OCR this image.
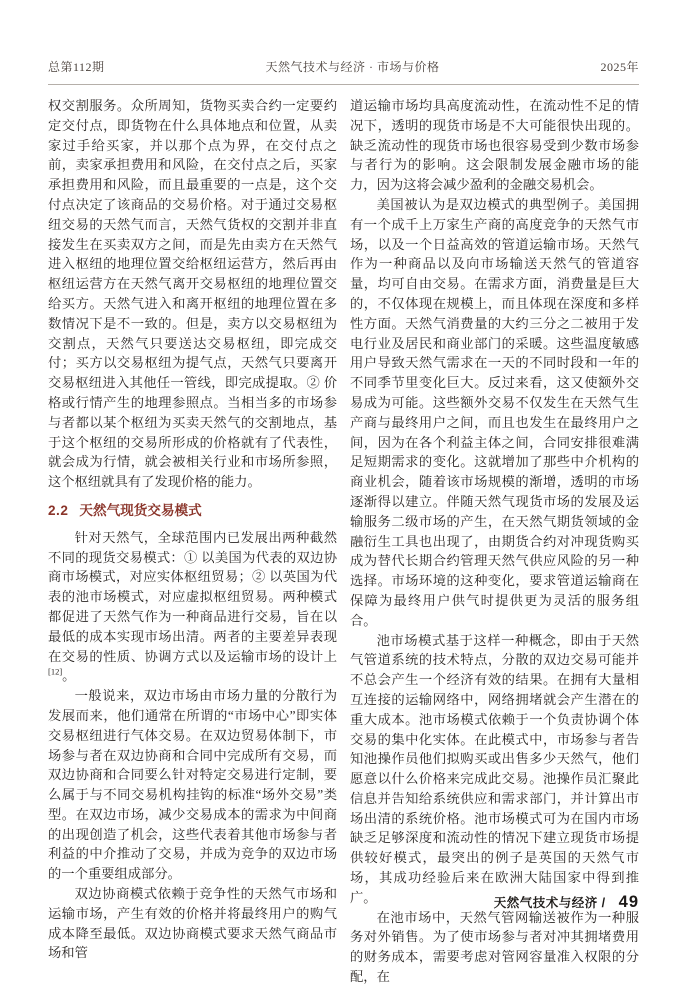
总第112期	天然气技术与经济 · 市场与价格	2025年

权交割服务。众所周知，货物买卖合约一定要约定交付点，即货物在什么具体地点和位置，从卖家过手给买家，并以那个点为界，在交付点之前，卖家承担费用和风险，在交付点之后，买家承担费用和风险，而且最重要的一点是，这个交付点决定了该商品的交易价格。对于通过交易枢纽交易的天然气而言，天然气货权的交割并非直接发生在买卖双方之间，而是先由卖方在天然气进入枢纽的地理位置交给枢纽运营方，然后再由枢纽运营方在天然气离开交易枢纽的地理位置交给买方。天然气进入和离开枢纽的地理位置在多数情况下是不一致的。但是，卖方以交易枢纽为交割点，天然气只要送达交易枢纽，即完成交付；买方以交易枢纽为提气点，天然气只要离开交易枢纽进入其他任一管线，即完成提取。② 价格或行情产生的地理参照点。当相当多的市场参与者都以某个枢纽为买卖天然气的交割地点，基于这个枢纽的交易所形成的价格就有了代表性，就会成为行情，就会被相关行业和市场所参照，这个枢纽就具有了发现价格的能力。

2.2 天然气现货交易模式

针对天然气，全球范围内已发展出两种截然不同的现货交易模式：① 以美国为代表的双边协商市场模式，对应实体枢纽贸易；② 以英国为代表的池市场模式，对应虚拟枢纽贸易。两种模式都促进了天然气作为一种商品进行交易，旨在以最低的成本实现市场出清。两者的主要差异表现在交易的性质、协调方式以及运输市场的设计上[12]。

一般说来，双边市场由市场力量的分散行为发展而来，他们通常在所谓的“市场中心”即实体交易枢纽进行气体交易。在双边贸易体制下，市场参与者在双边协商和合同中完成所有交易，而双边协商和合同要么针对特定交易进行定制，要么属于与不同交易机构挂钩的标准“场外交易”类型。在双边市场，减少交易成本的需求为中间商的出现创造了机会，这些代表着其他市场参与者利益的中介推动了交易，并成为竞争的双边市场的一个重要组成部分。

双边协商模式依赖于竞争性的天然气市场和运输市场，产生有效的价格并将最终用户的购气成本降至最低。双边协商模式要求天然气商品市场和管

道运输市场均具高度流动性，在流动性不足的情况下，透明的现货市场是不大可能很快出现的。缺乏流动性的现货市场也很容易受到少数市场参与者行为的影响。这会限制发展金融市场的能力，因为这将会减少盈利的金融交易机会。

美国被认为是双边模式的典型例子。美国拥有一个成千上万家生产商的高度竞争的天然气市场，以及一个日益高效的管道运输市场。天然气作为一种商品以及向市场输送天然气的管道容量，均可自由交易。在需求方面，消费量是巨大的，不仅体现在规模上，而且体现在深度和多样性方面。天然气消费量的大约三分之二被用于发电行业及居民和商业部门的采暖。这些温度敏感用户导致天然气需求在一天的不同时段和一年的不同季节里变化巨大。反过来看，这又使额外交易成为可能。这些额外交易不仅发生在天然气生产商与最终用户之间，而且也发生在最终用户之间，因为在各个利益主体之间，合同安排很难满足短期需求的变化。这就增加了那些中介机构的商业机会，随着该市场规模的渐增，透明的市场逐渐得以建立。伴随天然气现货市场的发展及运输服务二级市场的产生，在天然气期货领域的金融衍生工具也出现了，由期货合约对冲现货购买成为替代长期合约管理天然气供应风险的另一种选择。市场环境的这种变化，要求管道运输商在保障为最终用户供气时提供更为灵活的服务组合。

池市场模式基于这样一种概念，即由于天然气管道系统的技术特点，分散的双边交易可能并不总会产生一个经济有效的结果。在拥有大量相互连接的运输网络中，网络拥堵就会产生潜在的重大成本。池市场模式依赖于一个负责协调个体交易的集中化实体。在此模式中，市场参与者告知池操作员他们拟购买或出售多少天然气，他们愿意以什么价格来完成此交易。池操作员汇聚此信息并告知给系统供应和需求部门，并计算出市场出清的系统价格。池市场模式可为在国内市场缺乏足够深度和流动性的情况下建立现货市场提供较好模式，最突出的例子是英国的天然气市场，其成功经验后来在欧洲大陆国家中得到推广。

在池市场中，天然气管网输送被作为一种服务对外销售。为了使市场参与者对冲其拥堵费用的财务成本，需要考虑对管网容量准入权限的分配，在

天然气技术与经济 / 49
